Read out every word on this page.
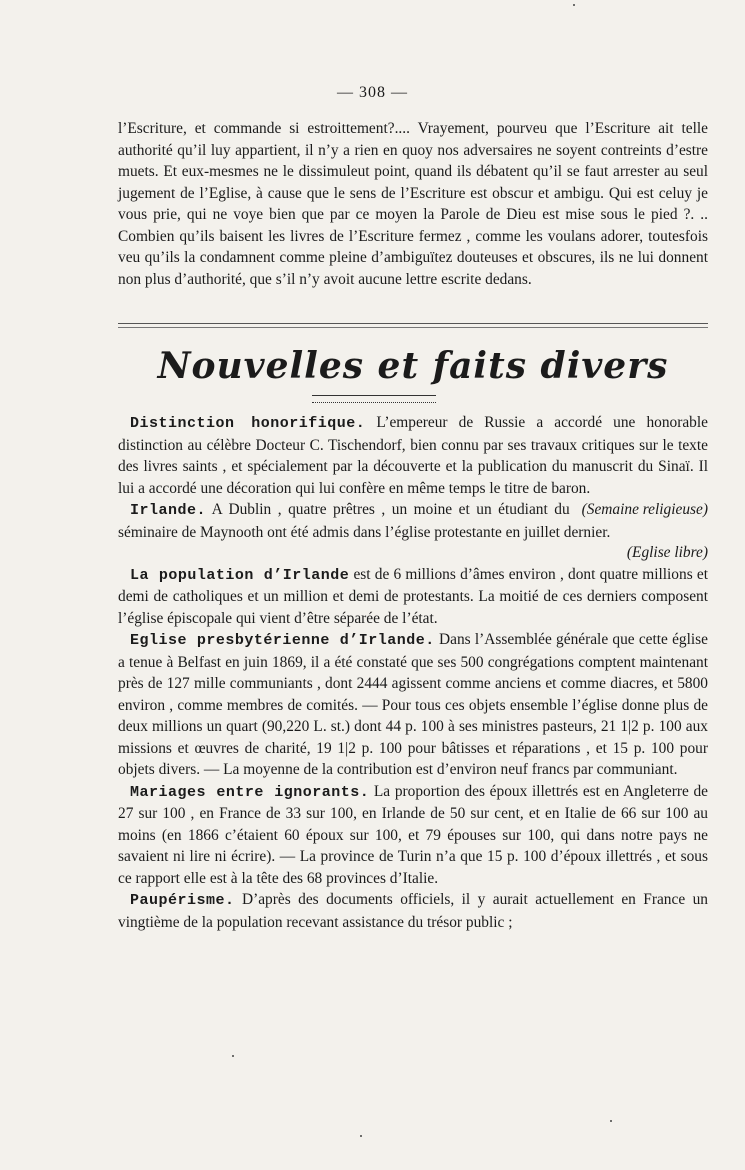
— 308 —

l’Escriture, et commande si estroittement?.... Vrayement, pourveu que l’Escriture ait telle authorité qu’il luy appartient, il n’y a rien en quoy nos adversaires ne soyent contreints d’estre muets. Et eux-mesmes ne le dissimuleut point, quand ils débatent qu’il se faut arrester au seul jugement de l’Eglise, à cause que le sens de l’Escriture est obscur et ambigu. Qui est celuy je vous prie, qui ne voye bien que par ce moyen la Parole de Dieu est mise sous le pied ?. .. Combien qu’ils baisent les livres de l’Escriture fermez , comme les voulans adorer, toutesfois veu qu’ils la condamnent comme pleine d’ambiguïtez douteuses et obscures, ils ne lui donnent non plus d’authorité, que s’il n’y avoit aucune lettre escrite dedans.

Nouvelles et faits divers

Distinction honorifique. L’empereur de Russie a accordé une honorable distinction au célèbre Docteur C. Tischendorf, bien connu par ses travaux critiques sur le texte des livres saints , et spécialement par la découverte et la publication du manuscrit du Sinaï. Il lui a accordé une décoration qui lui confère en même temps le titre de baron.
(Semaine religieuse)

Irlande. A Dublin , quatre prêtres , un moine et un étudiant du séminaire de Maynooth ont été admis dans l’église protestante en juillet dernier.
(Eglise libre)

La population d’Irlande est de 6 millions d’âmes environ , dont quatre millions et demi de catholiques et un million et demi de protestants. La moitié de ces derniers composent l’église épiscopale qui vient d’être séparée de l’état.

Eglise presbytérienne d’Irlande. Dans l’Assemblée générale que cette église a tenue à Belfast en juin 1869, il a été constaté que ses 500 congrégations comptent maintenant près de 127 mille communiants , dont 2444 agissent comme anciens et comme diacres, et 5800 environ , comme membres de comités. — Pour tous ces objets ensemble l’église donne plus de deux millions un quart (90,220 L. st.) dont 44 p. 100 à ses ministres pasteurs, 21 1|2 p. 100 aux missions et œuvres de charité, 19 1|2 p. 100 pour bâtisses et réparations , et 15 p. 100 pour objets divers. — La moyenne de la contribution est d’environ neuf francs par communiant.

Mariages entre ignorants. La proportion des époux illettrés est en Angleterre de 27 sur 100 , en France de 33 sur 100, en Irlande de 50 sur cent, et en Italie de 66 sur 100 au moins (en 1866 c’étaient 60 époux sur 100, et 79 épouses sur 100, qui dans notre pays ne savaient ni lire ni écrire). — La province de Turin n’a que 15 p. 100 d’époux illettrés , et sous ce rapport elle est à la tête des 68 provinces d’Italie.

Paupérisme. D’après des documents officiels, il y aurait actuellement en France un vingtième de la population recevant assistance du trésor public ;
